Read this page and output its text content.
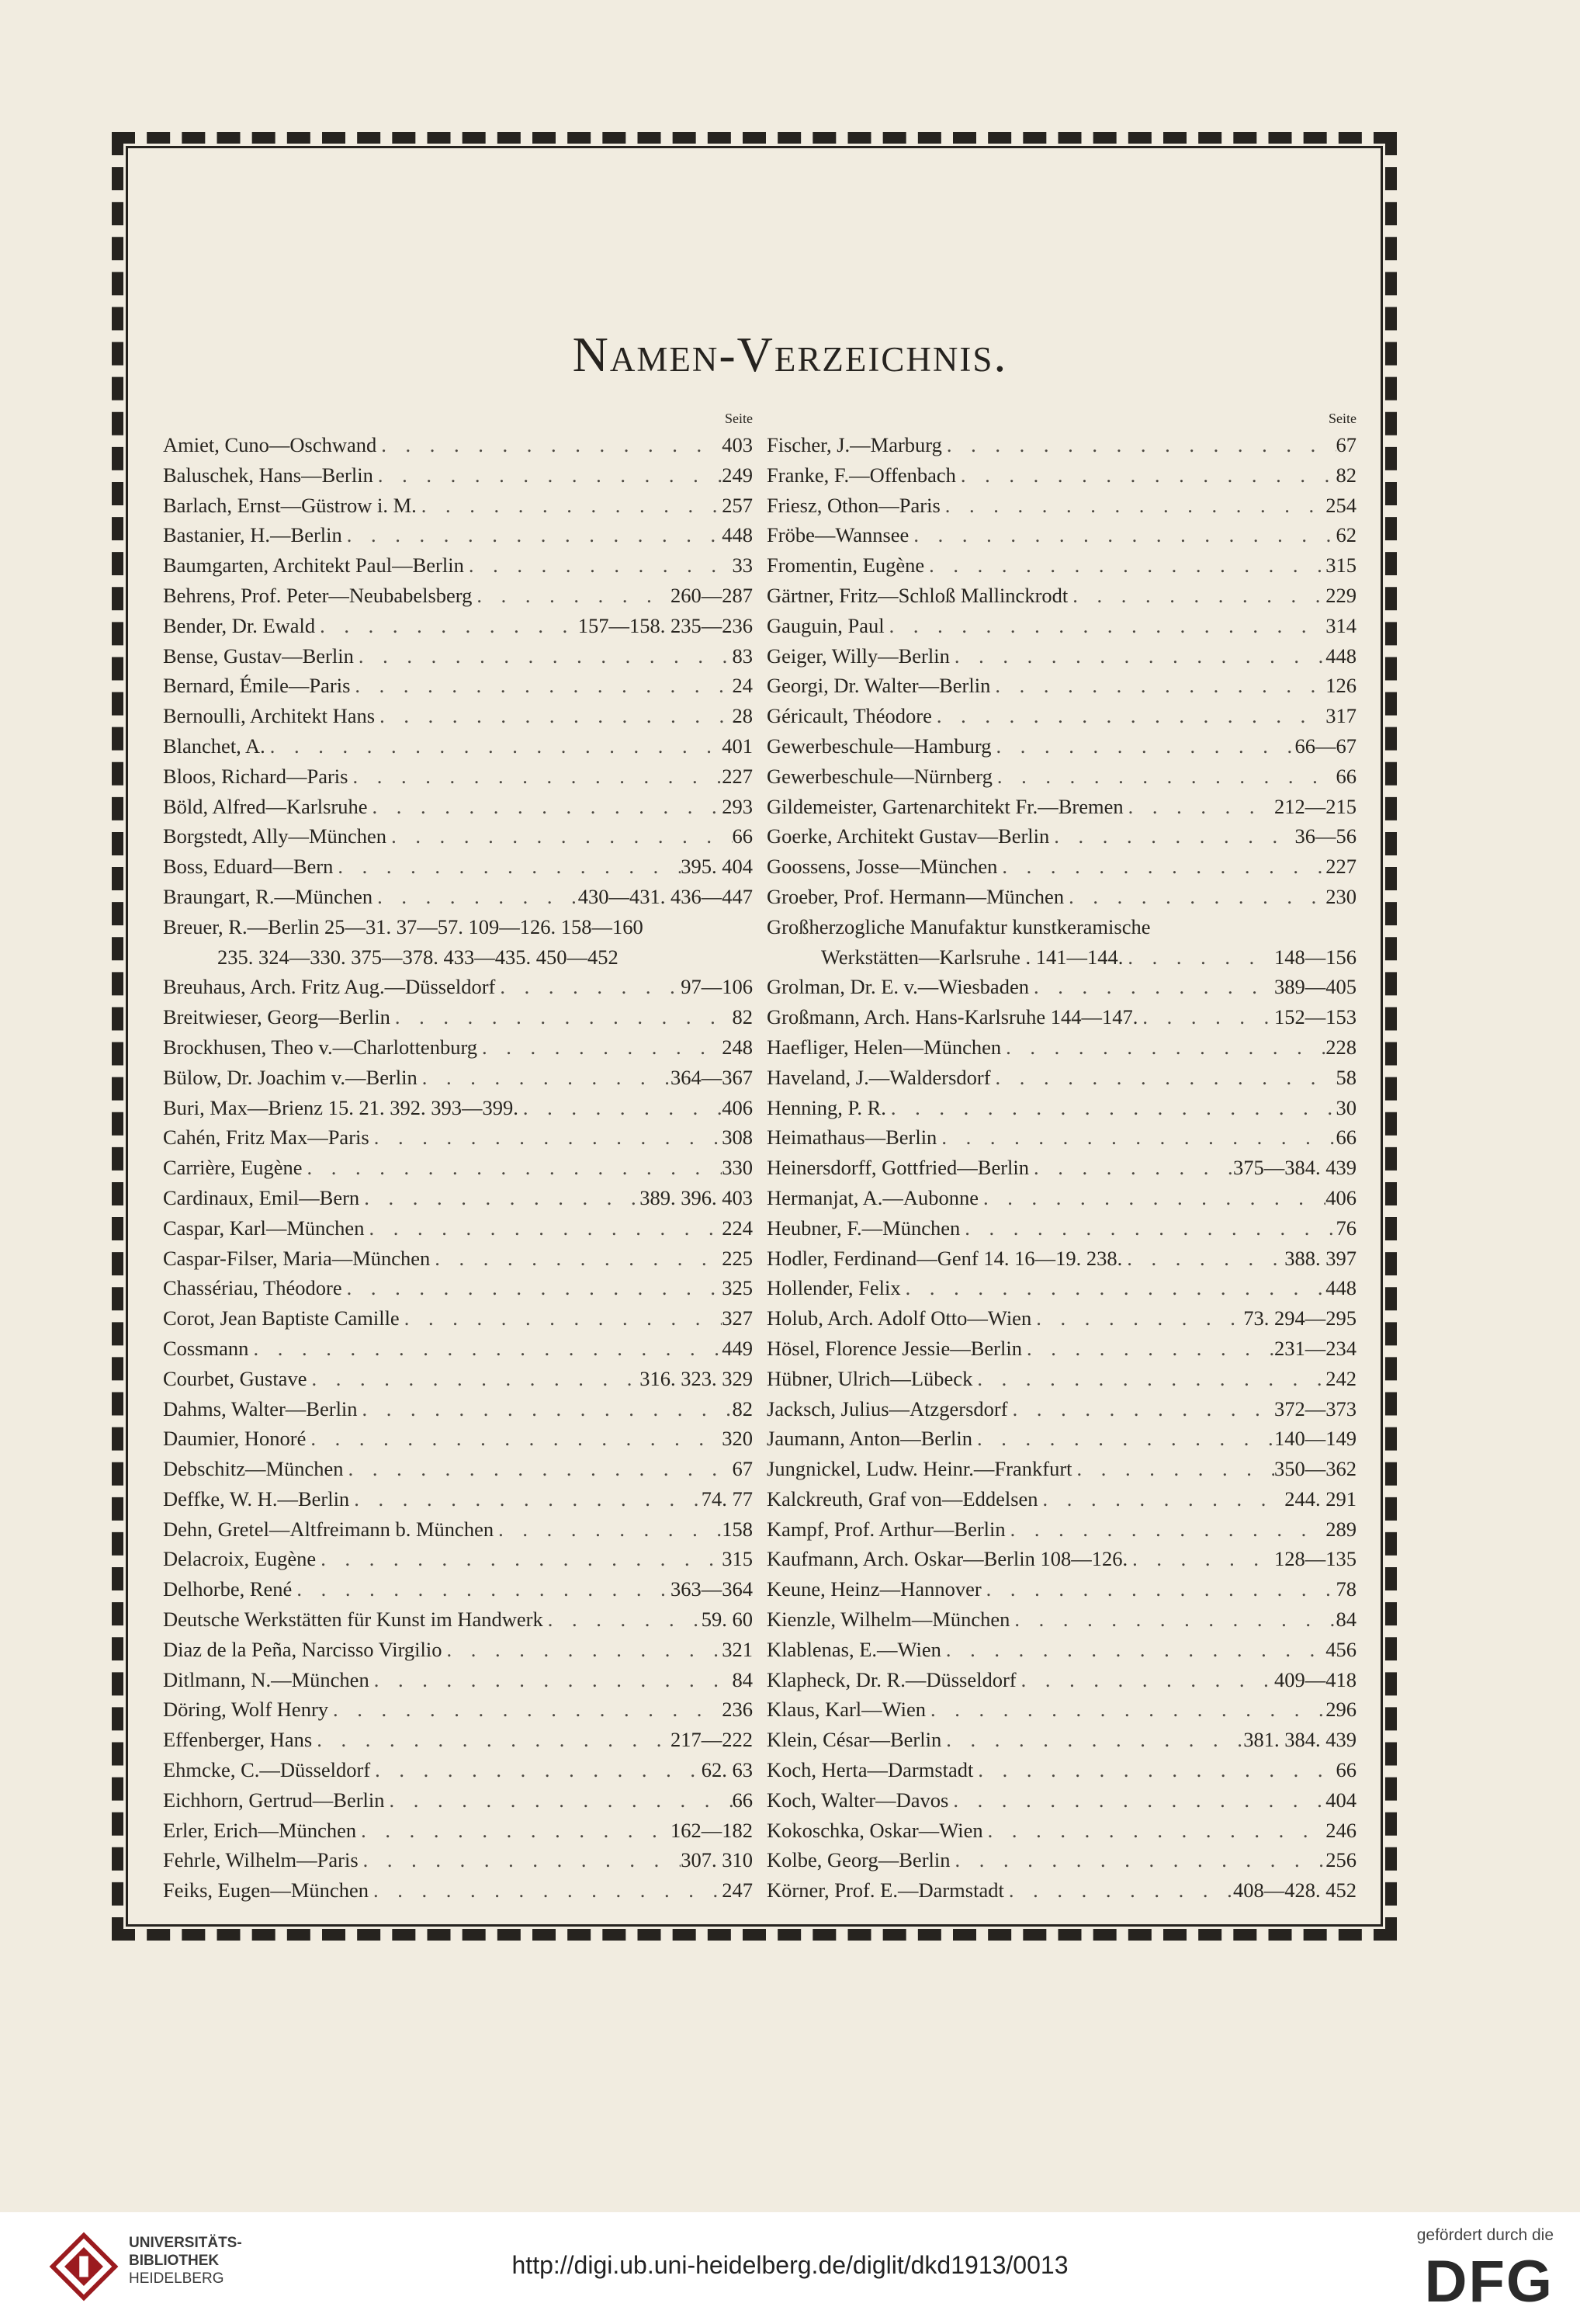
Namen-Verzeichnis.
Seite
Amiet, Cuno—Oschwand . . .	403
Baluschek, Hans—Berlin . . .	249
Barlach, Ernst—Güstrow i. M. . . .	257
Bastanier, H.—Berlin . . .	448
Baumgarten, Architekt Paul—Berlin . . .	33
Behrens, Prof. Peter—Neubabelsberg . . .	260—287
Bender, Dr. Ewald . . .	157—158. 235—236
Bense, Gustav—Berlin . . .	83
Bernard, Émile—Paris . . .	24
Bernoulli, Architekt Hans . . .	28
Blanchet, A. . . .	401
Bloos, Richard—Paris . . .	227
Böld, Alfred—Karlsruhe . . .	293
Borgstedt, Ally—München . . .	66
Boss, Eduard—Bern . . .	395. 404
Braungart, R.—München . . .	430—431. 436—447
Breuer, R.—Berlin 25—31. 37—57. 109—126. 158—160
235. 324—330. 375—378. 433—435. 450—452
Breuhaus, Arch. Fritz Aug.—Düsseldorf . . .	97—106
Breitwieser, Georg—Berlin . . .	82
Brockhusen, Theo v.—Charlottenburg . . .	248
Bülow, Dr. Joachim v.—Berlin . . .	364—367
Buri, Max—Brienz 15. 21. 392. 393—399. . . .	406
Cahén, Fritz Max—Paris . . .	308
Carrière, Eugène . . .	330
Cardinaux, Emil—Bern . . .	389. 396. 403
Caspar, Karl—München . . .	224
Caspar-Filser, Maria—München . . .	225
Chassériau, Théodore . . .	325
Corot, Jean Baptiste Camille . . .	327
Cossmann . . .	449
Courbet, Gustave . . .	316. 323. 329
Dahms, Walter—Berlin . . .	82
Daumier, Honoré . . .	320
Debschitz—München . . .	67
Deffke, W. H.—Berlin . . .	74. 77
Dehn, Gretel—Altfreimann b. München . . .	158
Delacroix, Eugène . . .	315
Delhorbe, René . . .	363—364
Deutsche Werkstätten für Kunst im Handwerk . . .	59. 60
Diaz de la Peña, Narcisso Virgilio . . .	321
Ditlmann, N.—München . . .	84
Döring, Wolf Henry . . .	236
Effenberger, Hans . . .	217—222
Ehmcke, C.—Düsseldorf . . .	62. 63
Eichhorn, Gertrud—Berlin . . .	66
Erler, Erich—München . . .	162—182
Fehrle, Wilhelm—Paris . . .	307. 310
Feiks, Eugen—München . . .	247
Seite
Fischer, J.—Marburg . . .	67
Franke, F.—Offenbach . . .	82
Friesz, Othon—Paris . . .	254
Fröbe—Wannsee . . .	62
Fromentin, Eugène . . .	315
Gärtner, Fritz—Schloß Mallinckrodt . . .	229
Gauguin, Paul . . .	314
Geiger, Willy—Berlin . . .	448
Georgi, Dr. Walter—Berlin . . .	126
Géricault, Théodore . . .	317
Gewerbeschule—Hamburg . . .	66—67
Gewerbeschule—Nürnberg . . .	66
Gildemeister, Gartenarchitekt Fr.—Bremen . . .	212—215
Goerke, Architekt Gustav—Berlin . . .	36—56
Goossens, Josse—München . . .	227
Groeber, Prof. Hermann—München . . .	230
Großherzogliche Manufaktur kunstkeramische
Werkstätten—Karlsruhe . 141—144. . . .	148—156
Grolman, Dr. E. v.—Wiesbaden . . .	389—405
Großmann, Arch. Hans-Karlsruhe 144—147. . . .	152—153
Haefliger, Helen—München . . .	228
Haveland, J.—Waldersdorf . . .	58
Henning, P. R. . . .	30
Heimathaus—Berlin . . .	66
Heinersdorff, Gottfried—Berlin . . .	375—384. 439
Hermanjat, A.—Aubonne . . .	406
Heubner, F.—München . . .	76
Hodler, Ferdinand—Genf 14. 16—19. 238. . . .	388. 397
Hollender, Felix . . .	448
Holub, Arch. Adolf Otto—Wien . . .	73. 294—295
Hösel, Florence Jessie—Berlin . . .	231—234
Hübner, Ulrich—Lübeck . . .	242
Jacksch, Julius—Atzgersdorf . . .	372—373
Jaumann, Anton—Berlin . . .	140—149
Jungnickel, Ludw. Heinr.—Frankfurt . . .	350—362
Kalckreuth, Graf von—Eddelsen . . .	244. 291
Kampf, Prof. Arthur—Berlin . . .	289
Kaufmann, Arch. Oskar—Berlin 108—126. . . .	128—135
Keune, Heinz—Hannover . . .	78
Kienzle, Wilhelm—München . . .	84
Klablenas, E.—Wien . . .	456
Klapheck, Dr. R.—Düsseldorf . . .	409—418
Klaus, Karl—Wien . . .	296
Klein, César—Berlin . . .	381. 384. 439
Koch, Herta—Darmstadt . . .	66
Koch, Walter—Davos . . .	404
Kokoschka, Oskar—Wien . . .	246
Kolbe, Georg—Berlin . . .	256
Körner, Prof. E.—Darmstadt . . .	408—428. 452
UNIVERSITÄTS-
BIBLIOTHEK
HEIDELBERG	http://digi.ub.uni-heidelberg.de/diglit/dkd1913/0013
gefördert durch die
DFG
